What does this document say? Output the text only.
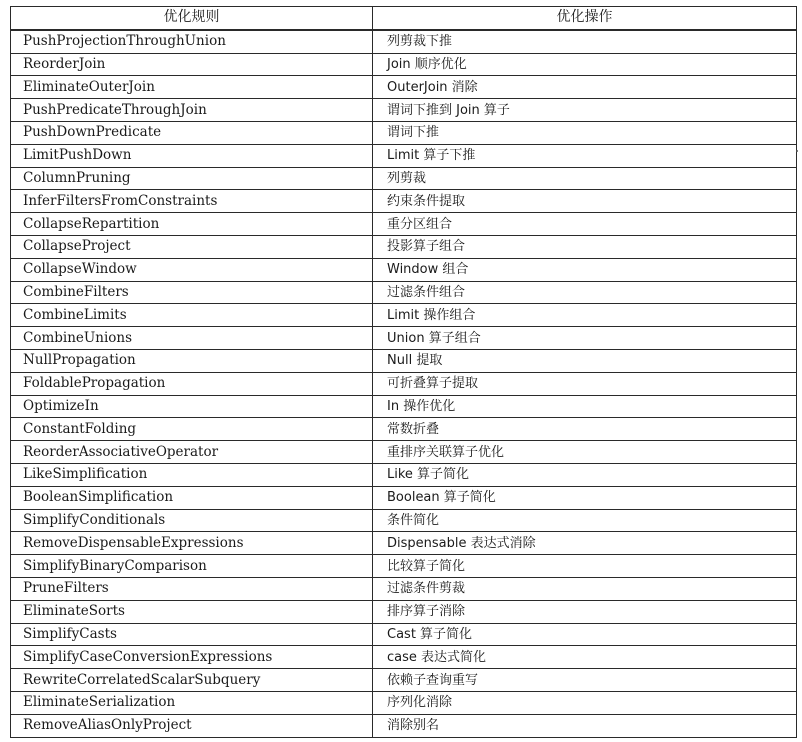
优化规则	优化操作
PushProjectionThroughUnion	列剪裁下推
ReorderJoin	Join 顺序优化
EliminateOuterJoin	OuterJoin 消除
PushPredicateThroughJoin	谓词下推到 Join 算子
PushDownPredicate	谓词下推
LimitPushDown	Limit 算子下推
ColumnPruning	列剪裁
InferFiltersFromConstraints	约束条件提取
CollapseRepartition	重分区组合
CollapseProject	投影算子组合
CollapseWindow	Window 组合
CombineFilters	过滤条件组合
CombineLimits	Limit 操作组合
CombineUnions	Union 算子组合
NullPropagation	Null 提取
FoldablePropagation	可折叠算子提取
OptimizeIn	In 操作优化
ConstantFolding	常数折叠
ReorderAssociativeOperator	重排序关联算子优化
LikeSimplification	Like 算子简化
BooleanSimplification	Boolean 算子简化
SimplifyConditionals	条件简化
RemoveDispensableExpressions	Dispensable 表达式消除
SimplifyBinaryComparison	比较算子简化
PruneFilters	过滤条件剪裁
EliminateSorts	排序算子消除
SimplifyCasts	Cast 算子简化
SimplifyCaseConversionExpressions	case 表达式简化
RewriteCorrelatedScalarSubquery	依赖子查询重写
EliminateSerialization	序列化消除
RemoveAliasOnlyProject	消除别名
